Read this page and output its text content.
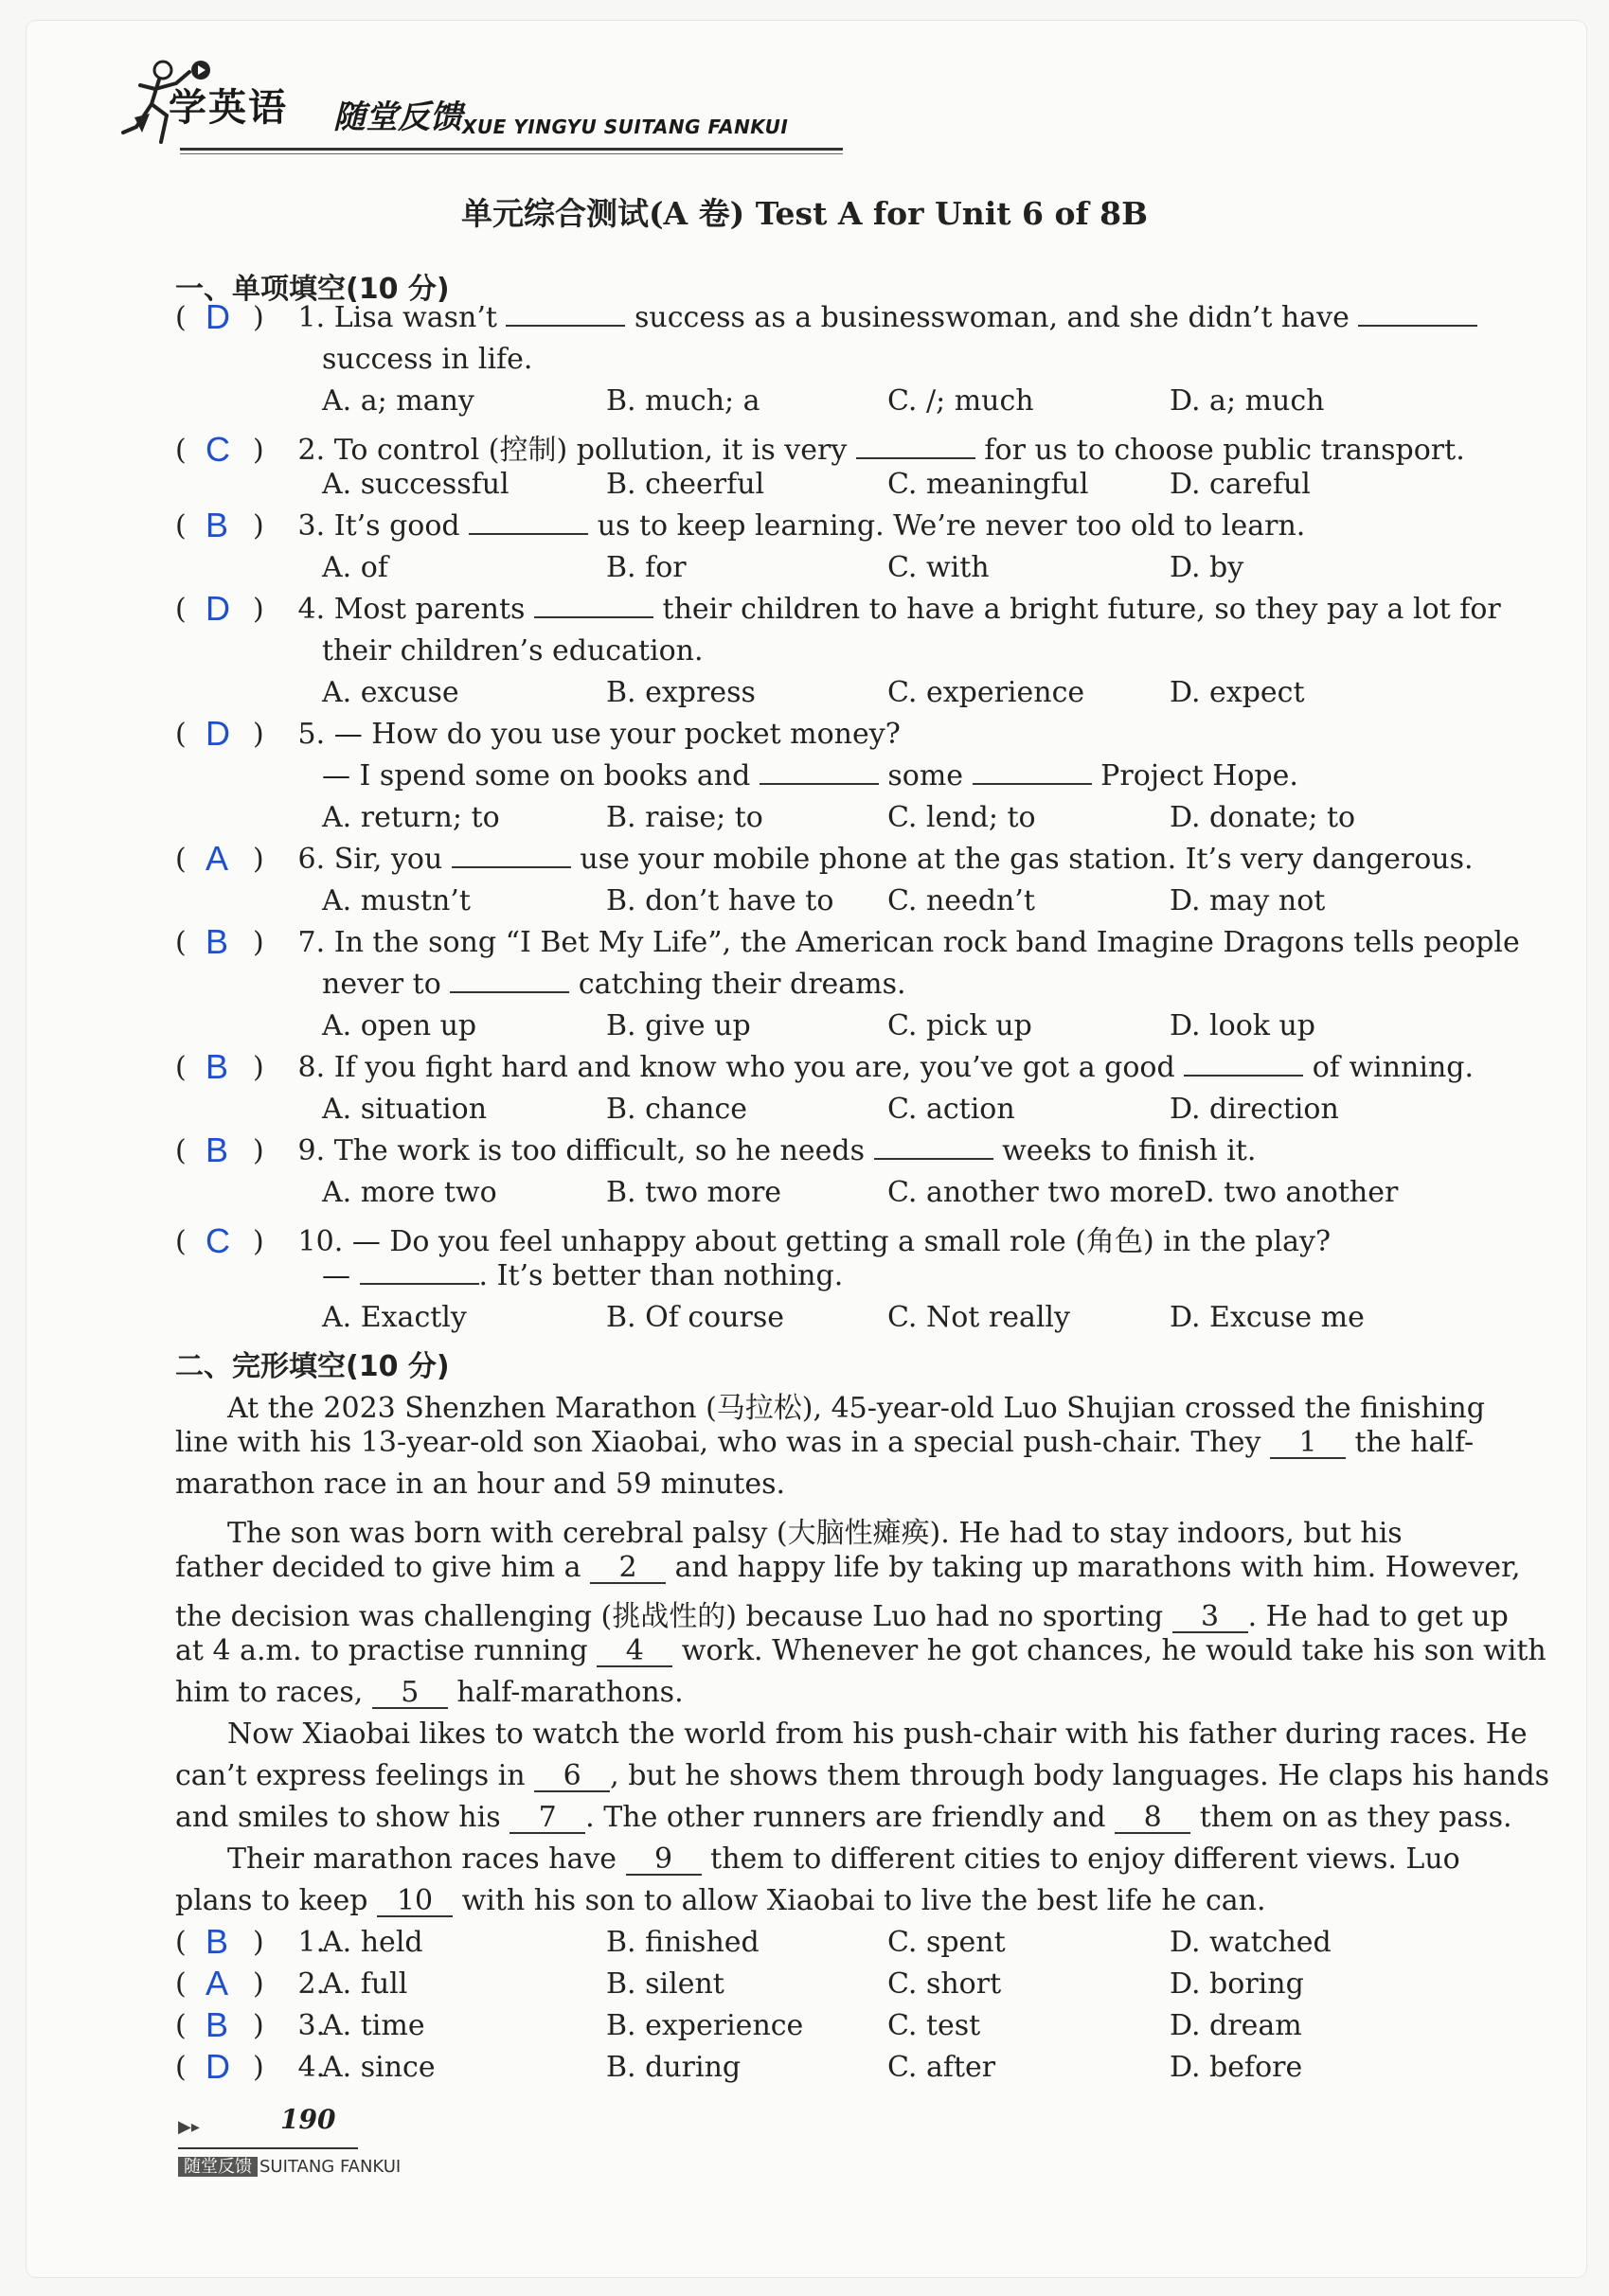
学英语 随堂反馈 XUE YINGYU SUITANG FANKUI
单元综合测试(A 卷) Test A for Unit 6 of 8B
一、单项填空(10 分)
( D ) 1. Lisa wasn’t	success as a businesswoman, and she didn’t have
success in life.
A. a; many	B. much; a	C. /; much	D. a; much
( C ) 2. To control (控制) pollution, it is very	for us to choose public transport.
A. successful	B. cheerful	C. meaningful	D. careful
( B ) 3. It’s good	us to keep learning. We’re never too old to learn.
A. of	B. for	C. with	D. by
( D ) 4. Most parents	their children to have a bright future, so they pay a lot for
their children’s education.
A. excuse	B. express	C. experience	D. expect
( D ) 5. — How do you use your pocket money?
— I spend some on books and	some	Project Hope.
A. return; to	B. raise; to	C. lend; to	D. donate; to
( A ) 6. Sir, you	use your mobile phone at the gas station. It’s very dangerous.
A. mustn’t	B. don’t have to C. needn’t	D. may not
( B ) 7. In the song “I Bet My Life”, the American rock band Imagine Dragons tells people
never to	catching their dreams.
A. open up	B. give up	C. pick up	D. look up
( B ) 8. If you fight hard and know who you are, you’ve got a good	of winning.
A. situation	B. chance	C. action	D. direction
( B ) 9. The work is too difficult, so he needs	weeks to finish it.
A. more two	B. two more	C. another two moreD. two another
( C ) 10. — Do you feel unhappy about getting a small role (角色) in the play?
—	. It’s better than nothing.
A. Exactly	B. Of course	C. Not really	D. Excuse me
二、完形填空(10 分)
At the 2023 Shenzhen Marathon (马拉松), 45-year-old Luo Shujian crossed the finishing
line with his 13-year-old son Xiaobai, who was in a special push-chair. They 1 the half-
marathon race in an hour and 59 minutes.
The son was born with cerebral palsy (大脑性瘫痪). He had to stay indoors, but his
father decided to give him a 2 and happy life by taking up marathons with him. However,
the decision was challenging (挑战性的) because Luo had no sporting 3 . He had to get up
at 4 a.m. to practise running 4 work. Whenever he got chances, he would take his son with
him to races, 5 half-marathons.
Now Xiaobai likes to watch the world from his push-chair with his father during races. He
can’t express feelings in 6 , but he shows them through body languages. He claps his hands
and smiles to show his 7 . The other runners are friendly and 8 them on as they pass.
Their marathon races have 9 them to different cities to enjoy different views. Luo
plans to keep 10 with his son to allow Xiaobai to live the best life he can.
( B ) 1.
A. held	B. finished	C. spent	D. watched
( A ) 2.
A. full	B. silent	C. short	D. boring
( B ) 3.
A. time	B. experience	C. test	D. dream
( D ) 4.
A. since	B. during	C. after	D. before
▶▸	190
随堂反馈 SUITANG FANKUI
